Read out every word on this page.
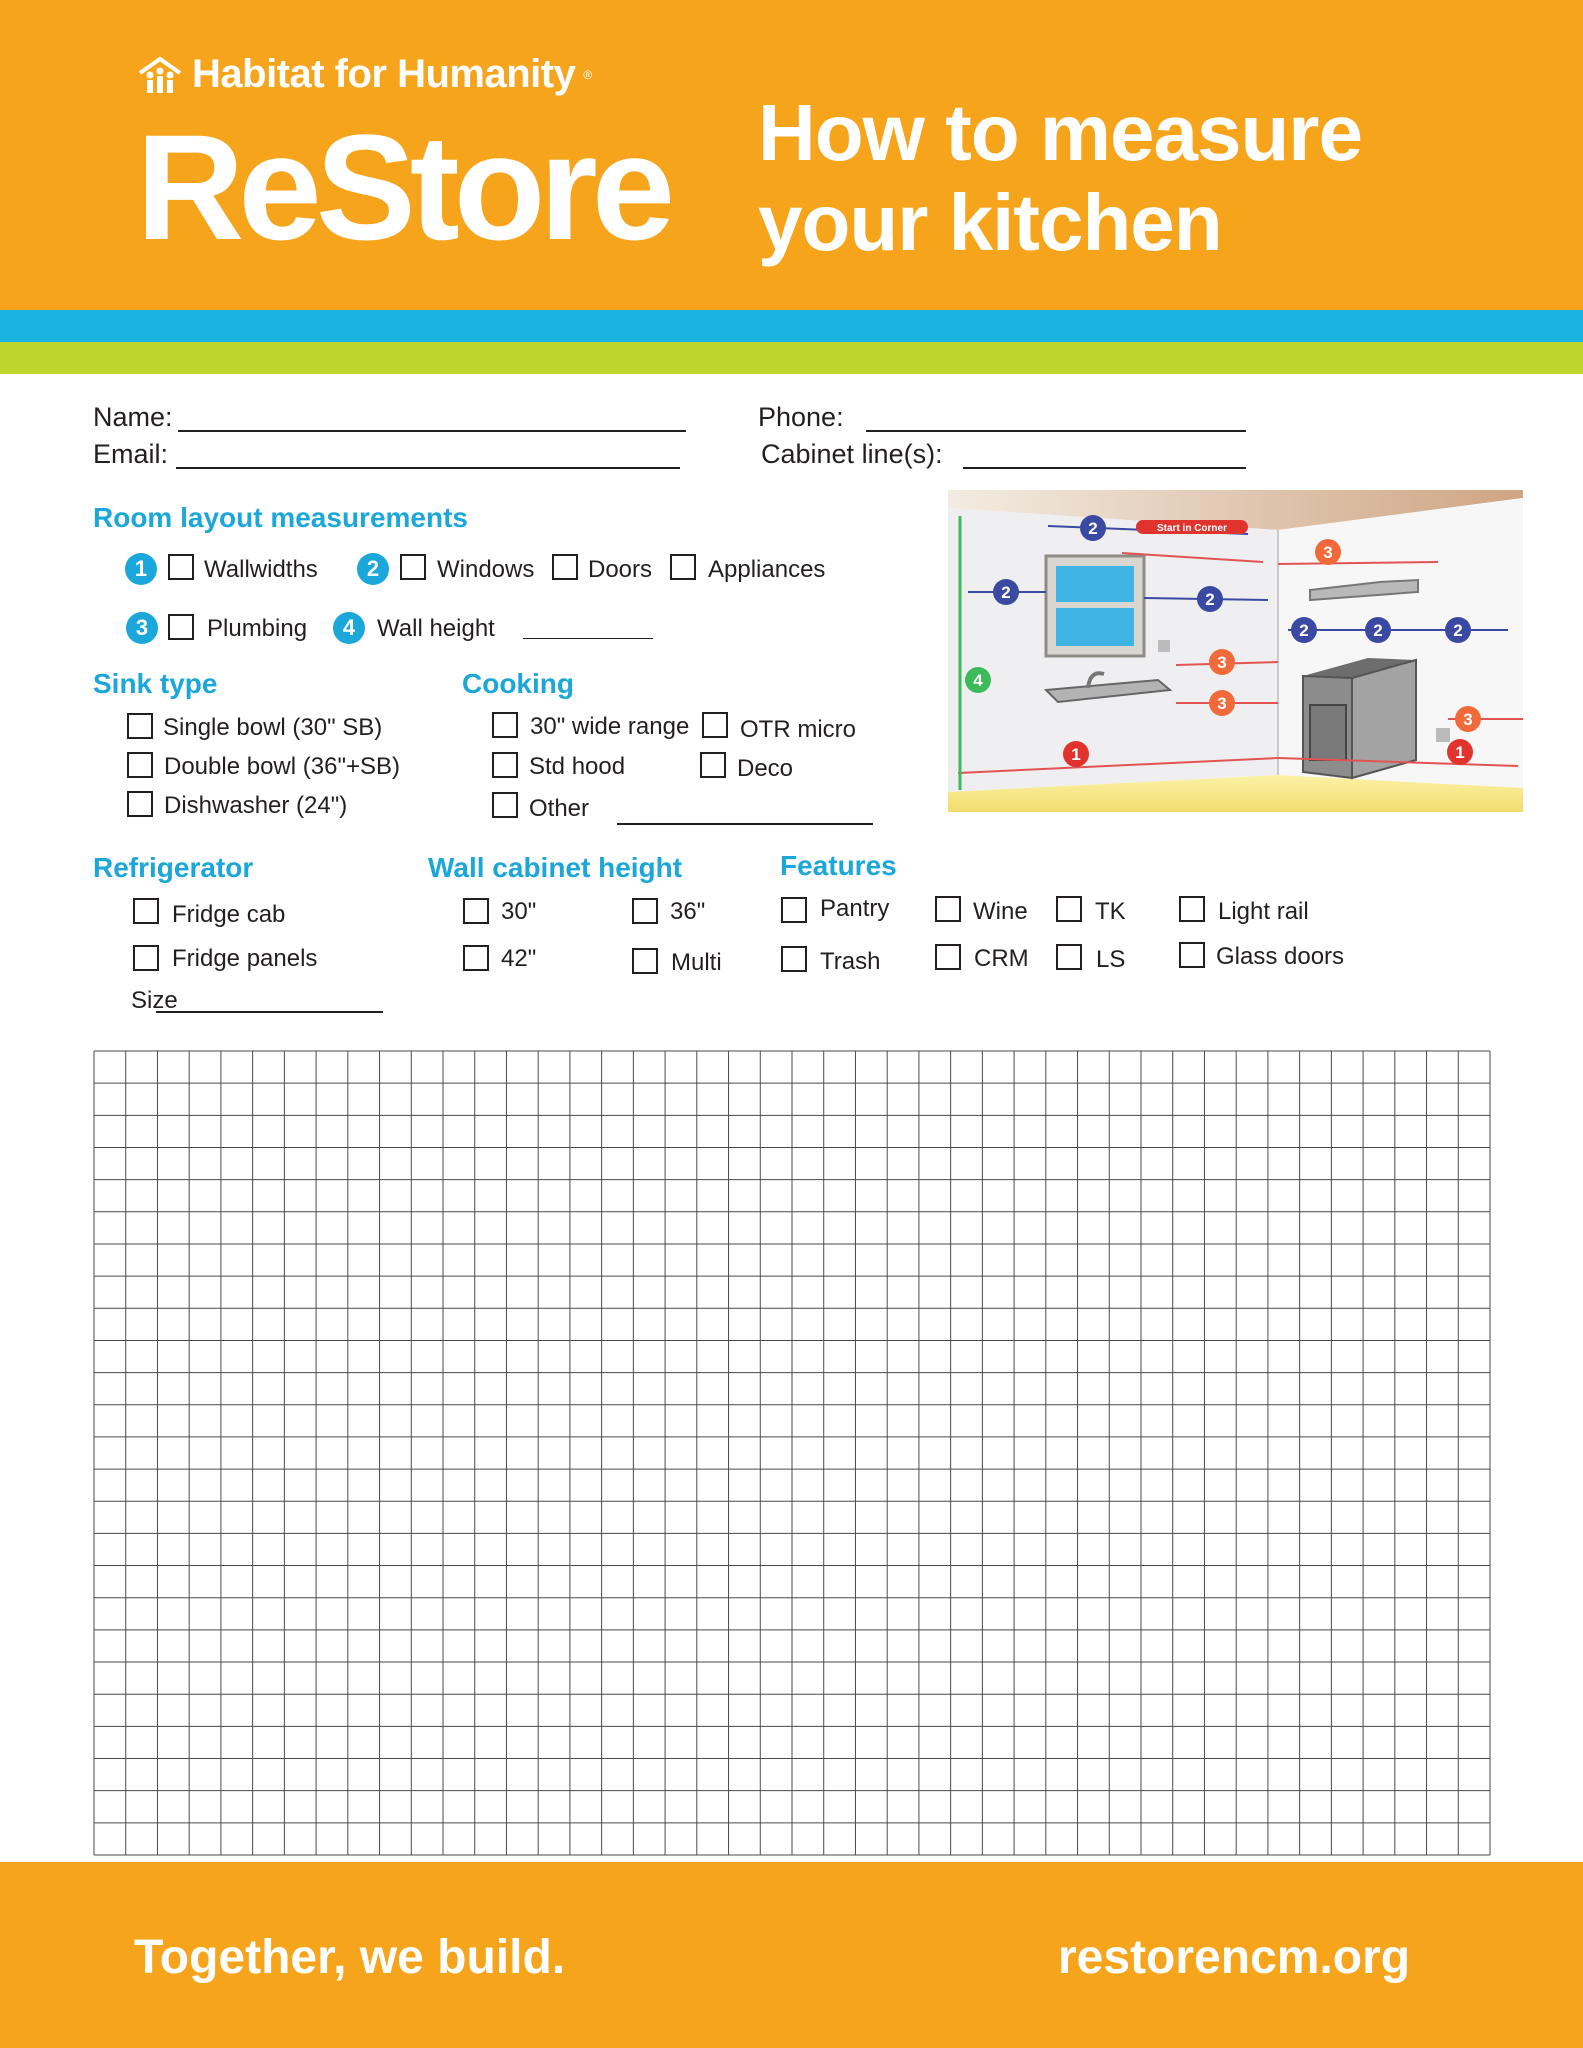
Habitat for Humanity ®
ReStore How to measure
your kitchen
Name:
Email:
Phone:
Cabinet line(s):
Room layout measurements
1	Wallwidths	2	Windows Doors Appliances
3	Plumbing	4 Wall height
Sink type
Single bowl (30" SB)
Double bowl (36"+SB)
Dishwasher (24")
Cooking
30" wide range OTR micro
Std hood	Deco
Other
Refrigerator
Fridge cab
Fridge panels
Size
Wall cabinet height
30"	36"
42"	Multi
Features
Pantry	Wine	TK	Light rail
Trash	CRM	LS	Glass doors
Start in Corner
2
2	2
2	2	2
3
3
3
3
1	1
4
Together, we build.	restorencm.org
